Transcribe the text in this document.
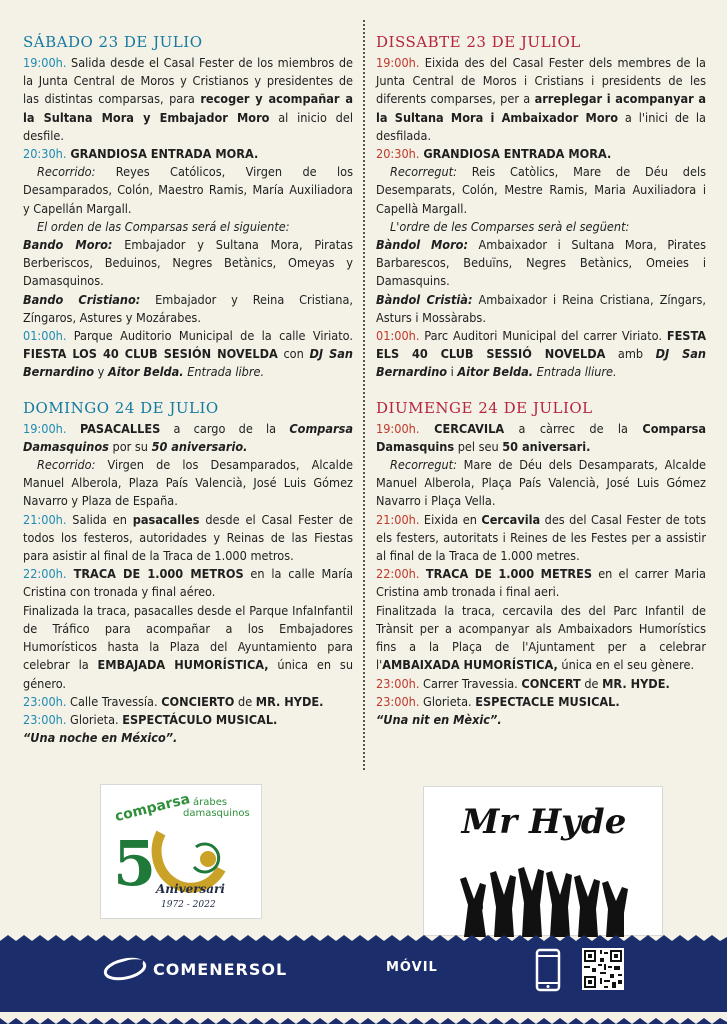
SÁBADO 23 DE JULIO

19:00h. Salida desde el Casal Fester de los miembros de la Junta Central de Moros y Cristianos y presidentes de las distintas comparsas, para recoger y acompañar a la Sultana Mora y Embajador Moro al inicio del desfile.

20:30h. GRANDIOSA ENTRADA MORA.

Recorrido: Reyes Católicos, Virgen de los Desamparados, Colón, Maestro Ramis, María Auxiliadora y Capellán Margall.

El orden de las Comparsas será el siguiente:

Bando Moro: Embajador y Sultana Mora, Piratas Berberiscos, Beduinos, Negres Betànics, Omeyas y Damasquinos.

Bando Cristiano: Embajador y Reina Cristiana, Zíngaros, Astures y Mozárabes.

01:00h. Parque Auditorio Municipal de la calle Viriato. FIESTA LOS 40 CLUB SESIÓN NOVELDA con DJ San Bernardino y Aitor Belda. Entrada libre.

DOMINGO 24 DE JULIO

19:00h. PASACALLES a cargo de la Comparsa Damasquinos por su 50 aniversario.

Recorrido: Virgen de los Desamparados, Alcalde Manuel Alberola, Plaza País Valencià, José Luis Gómez Navarro y Plaza de España.

21:00h. Salida en pasacalles desde el Casal Fester de todos los festeros, autoridades y Reinas de las Fiestas para asistir al final de la Traca de 1.000 metros.

22:00h. TRACA DE 1.000 METROS en la calle María Cristina con tronada y final aéreo.

Finalizada la traca, pasacalles desde el Parque InfaInfantil de Tráfico para acompañar a los Embajadores Humorísticos hasta la Plaza del Ayuntamiento para celebrar la EMBAJADA HUMORÍSTICA, única en su género.

23:00h. Calle Travessía. CONCIERTO de MR. HYDE.

23:00h. Glorieta. ESPECTÁCULO MUSICAL.

“Una noche en México”.

DISSABTE 23 DE JULIOL

19:00h. Eixida des del Casal Fester dels membres de la Junta Central de Moros i Cristians i presidents de les diferents comparses, per a arreplegar i acompanyar a la Sultana Mora i Ambaixador Moro a l'inici de la desfilada.

20:30h. GRANDIOSA ENTRADA MORA.

Recorregut: Reis Catòlics, Mare de Déu dels Desemparats, Colón, Mestre Ramis, Maria Auxiliadora i Capellà Margall.

L'ordre de les Comparses serà el següent:

Bàndol Moro: Ambaixador i Sultana Mora, Pirates Barbarescos, Beduïns, Negres Betànics, Omeies i Damasquins.

Bàndol Cristià: Ambaixador i Reina Cristiana, Zíngars, Asturs i Mossàrabs.

01:00h. Parc Auditori Municipal del carrer Viriato. FESTA ELS 40 CLUB SESSIÓ NOVELDA amb DJ San Bernardino i Aitor Belda. Entrada lliure.

DIUMENGE 24 DE JULIOL

19:00h. CERCAVILA a càrrec de la Comparsa Damasquins pel seu 50 aniversari.

Recorregut: Mare de Déu dels Desamparats, Alcalde Manuel Alberola, Plaça País Valencià, José Luis Gómez Navarro i Plaça Vella.

21:00h. Eixida en Cercavila des del Casal Fester de tots els festers, autoritats i Reines de les Festes per a assistir al final de la Traca de 1.000 metres.

22:00h. TRACA DE 1.000 METRES en el carrer Maria Cristina amb tronada i final aeri.

Finalitzada la traca, cercavila des del Parc Infantil de Trànsit per a acompanyar als Ambaixadors Humorístics fins a la Plaça de l'Ajuntament per a celebrar l'AMBAIXADA HUMORÍSTICA, única en el seu gènere.

23:00h. Carrer Travessia. CONCERT de MR. HYDE.

23:00h. Glorieta. ESPECTACLE MUSICAL.

“Una nit en Mèxic”.

comparsa árabes damasquinos
5 Aniversari
1972 - 2022
Mr Hyde
COMENERSOL	MÓVIL
